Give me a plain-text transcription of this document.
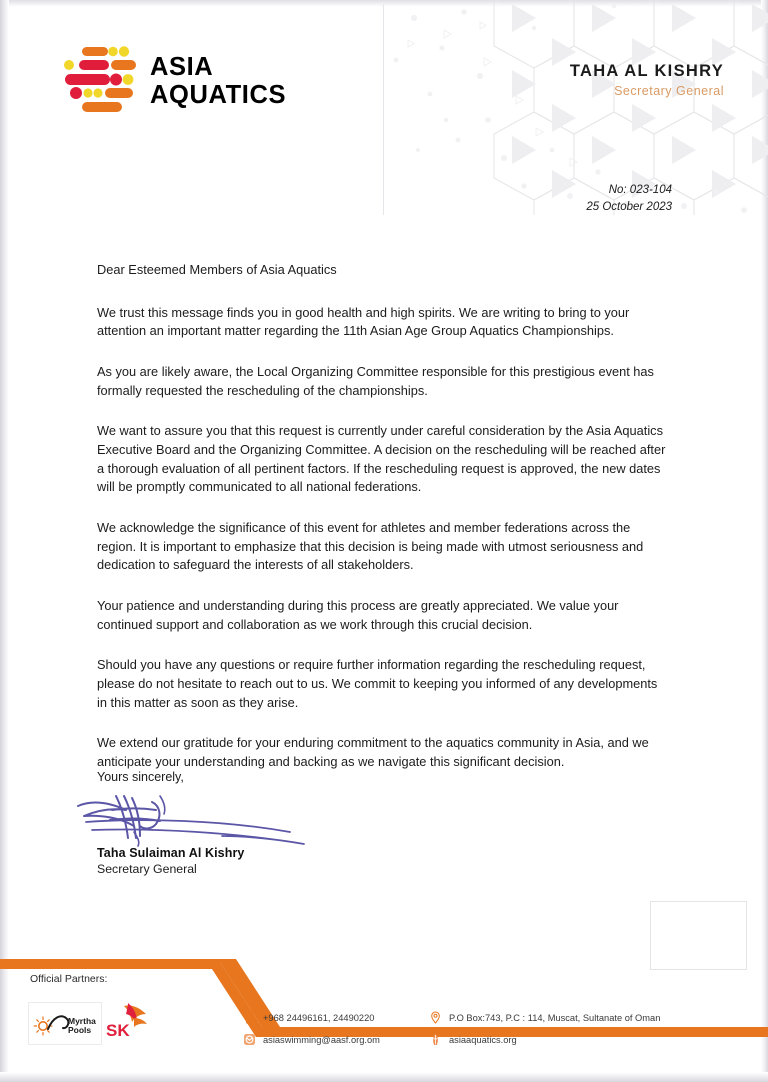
ASIA
AQUATICS
TAHA AL KISHRY
Secretary General
No: 023-104
25 October 2023
Dear Esteemed Members of Asia Aquatics

We trust this message finds you in good health and high spirits. We are writing to bring to your attention an important matter regarding the 11th Asian Age Group Aquatics Championships.

As you are likely aware, the Local Organizing Committee responsible for this prestigious event has formally requested the rescheduling of the championships.

We want to assure you that this request is currently under careful consideration by the Asia Aquatics Executive Board and the Organizing Committee. A decision on the rescheduling will be reached after a thorough evaluation of all pertinent factors. If the rescheduling request is approved, the new dates will be promptly communicated to all national federations.

We acknowledge the significance of this event for athletes and member federations across the region. It is important to emphasize that this decision is being made with utmost seriousness and dedication to safeguard the interests of all stakeholders.

Your patience and understanding during this process are greatly appreciated. We value your continued support and collaboration as we work through this crucial decision.

Should you have any questions or require further information regarding the rescheduling request, please do not hesitate to reach out to us. We commit to keeping you informed of any developments in this matter as soon as they arise.

We extend our gratitude for your enduring commitment to the aquatics community in Asia, and we anticipate your understanding and backing as we navigate this significant decision.

Yours sincerely,
Taha Sulaiman Al Kishry
Secretary General
Official Partners:
Myrtha
Pools SK
+968 24496161, 24490220	P.O Box:743, P.C : 114, Muscat, Sultanate of Oman
asiaswimming@aasf.org.om	asiaaquatics.org
